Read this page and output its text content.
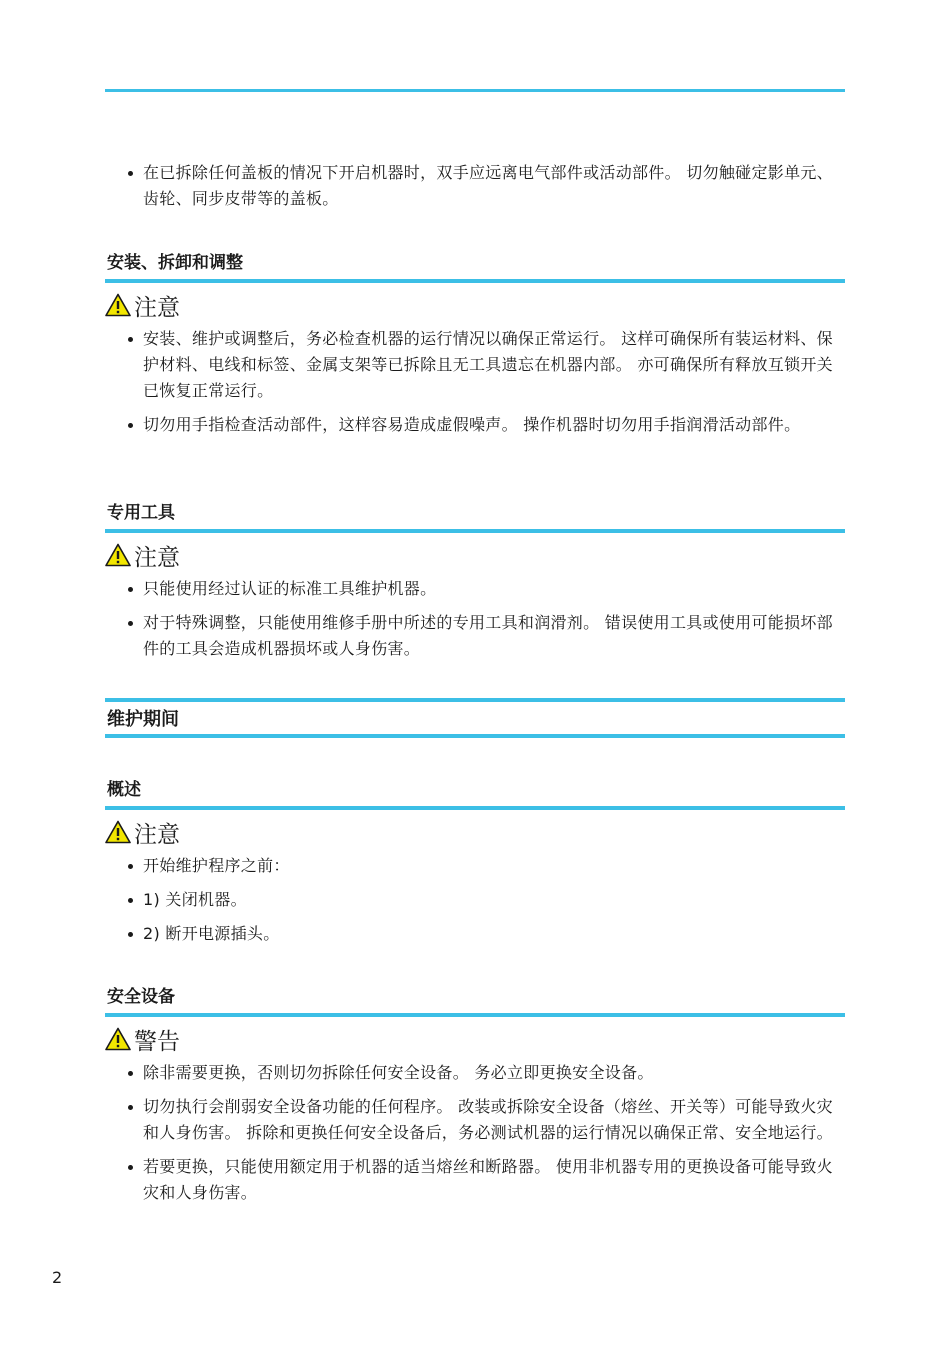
在已拆除任何盖板的情况下开启机器时，双手应远离电气部件或活动部件。 切勿触碰定影单元、齿轮、同步皮带等的盖板。
安装、拆卸和调整
注意
安装、维护或调整后，务必检查机器的运行情况以确保正常运行。 这样可确保所有装运材料、保护材料、电线和标签、金属支架等已拆除且无工具遗忘在机器内部。 亦可确保所有释放互锁开关已恢复正常运行。
切勿用手指检查活动部件，这样容易造成虚假噪声。 操作机器时切勿用手指润滑活动部件。
专用工具
注意
只能使用经过认证的标准工具维护机器。
对于特殊调整，只能使用维修手册中所述的专用工具和润滑剂。 错误使用工具或使用可能损坏部件的工具会造成机器损坏或人身伤害。
维护期间
概述
注意
开始维护程序之前：
1) 关闭机器。
2) 断开电源插头。
安全设备
警告
除非需要更换，否则切勿拆除任何安全设备。 务必立即更换安全设备。
切勿执行会削弱安全设备功能的任何程序。 改装或拆除安全设备（熔丝、开关等）可能导致火灾和人身伤害。 拆除和更换任何安全设备后，务必测试机器的运行情况以确保正常、安全地运行。
若要更换，只能使用额定用于机器的适当熔丝和断路器。 使用非机器专用的更换设备可能导致火灾和人身伤害。
2
